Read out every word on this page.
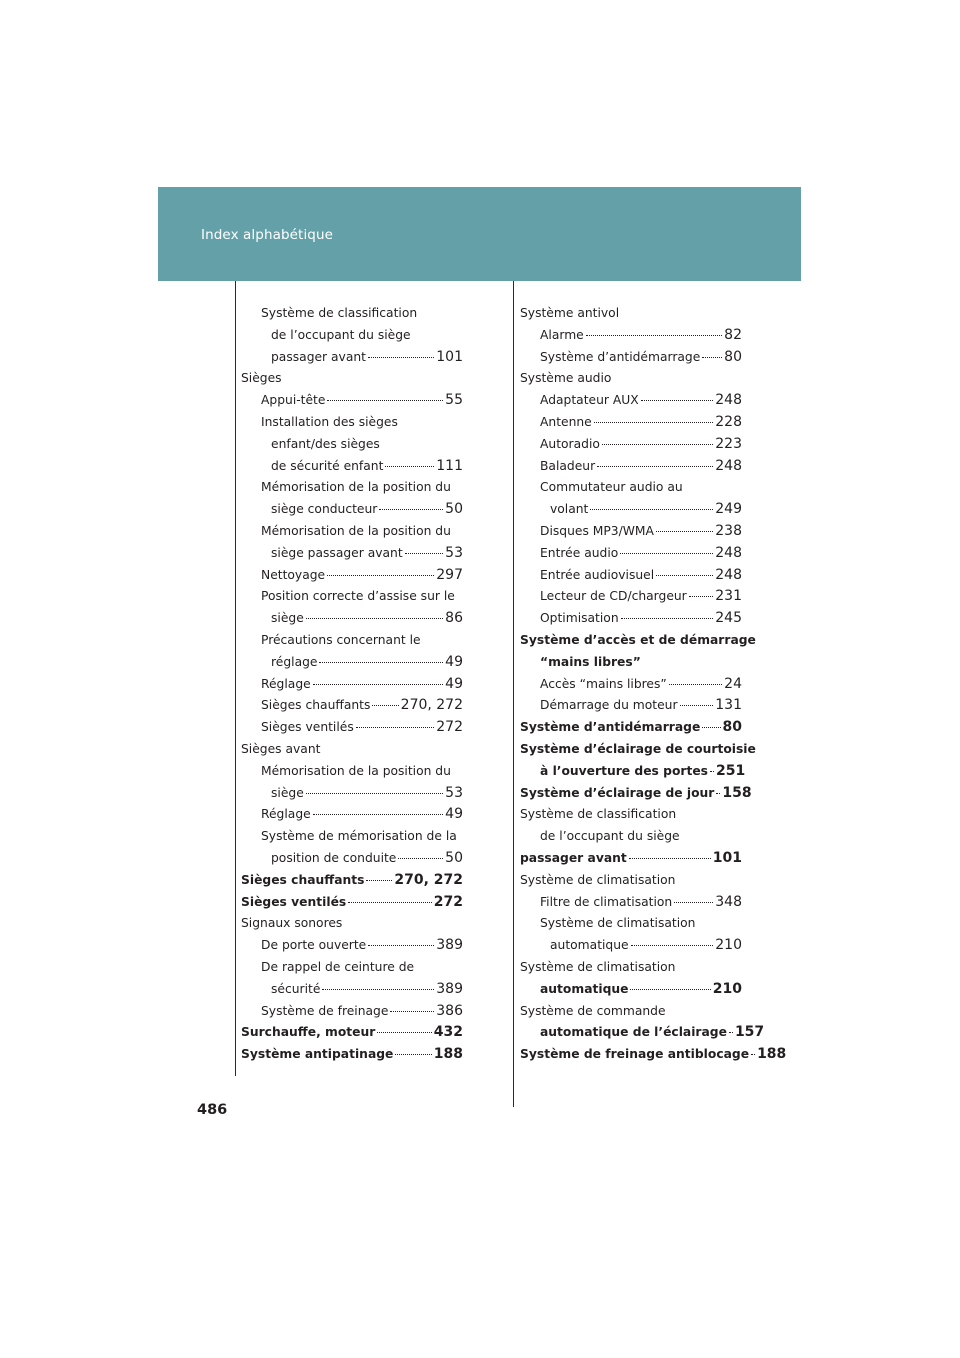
Index alphabétique
Système de classification
de l’occupant du siège
passager avant	101
Sièges
Appui-tête	55
Installation des sièges
enfant/des sièges
de sécurité enfant	111
Mémorisation de la position du
siège conducteur	50
Mémorisation de la position du
siège passager avant	53
Nettoyage	297
Position correcte d’assise sur le
siège	86
Précautions concernant le
réglage	49
Réglage	49
Sièges chauffants 270, 272
Sièges ventilés	272
Sièges avant
Mémorisation de la position du
siège	53
Réglage	49
Système de mémorisation de la
position de conduite	50
Sièges chauffants 270, 272
Sièges ventilés	272
Signaux sonores
De porte ouverte	389
De rappel de ceinture de
sécurité	389
Système de freinage	386
Surchauffe, moteur	432
Système antipatinage	188
Système antivol
Alarme	82
Système d’antidémarrage 80
Système audio
Adaptateur AUX	248
Antenne	228
Autoradio	223
Baladeur	248
Commutateur audio au
volant	249
Disques MP3/WMA	238
Entrée audio	248
Entrée audiovisuel	248
Lecteur de CD/chargeur 231
Optimisation	245
Système d’accès et de démarrage
“mains libres”
Accès “mains libres”	24
Démarrage du moteur	131
Système d’antidémarrage 80
Système d’éclairage de courtoisie
à l’ouverture des portes 251
Système d’éclairage de jour 158
Système de classification
de l’occupant du siège
passager avant	101
Système de climatisation
Filtre de climatisation	348
Système de climatisation
automatique	210
Système de climatisation
automatique	210
Système de commande
automatique de l’éclairage 157
Système de freinage antiblocage 188
486
